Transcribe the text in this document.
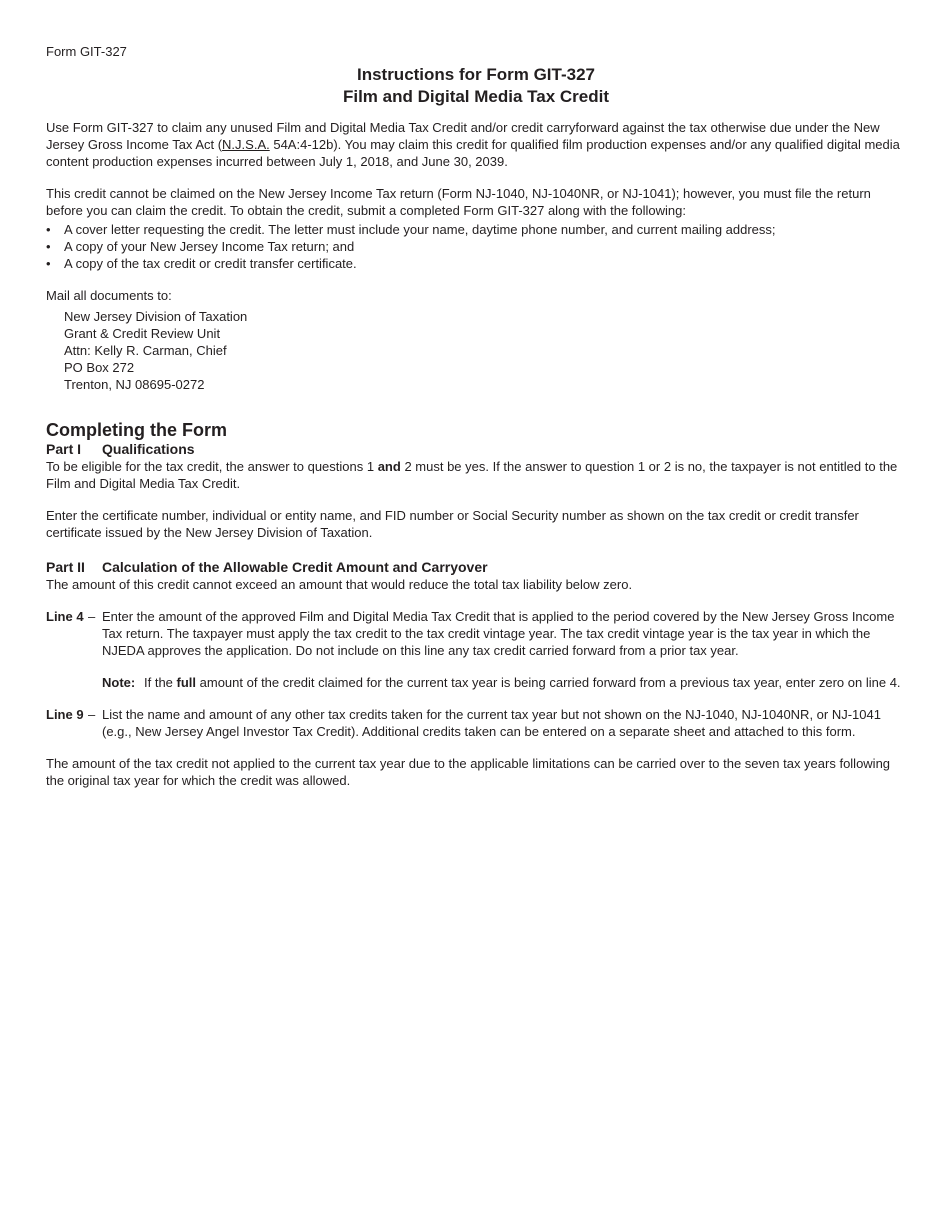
Form GIT-327

Instructions for Form GIT-327
Film and Digital Media Tax Credit

Use Form GIT-327 to claim any unused Film and Digital Media Tax Credit and/or credit carryforward against the tax otherwise due under the New Jersey Gross Income Tax Act (N.J.S.A. 54A:4-12b). You may claim this credit for qualified film production expenses and/or any qualified digital media content production expenses incurred between July 1, 2018, and June 30, 2039.

This credit cannot be claimed on the New Jersey Income Tax return (Form NJ-1040, NJ-1040NR, or NJ-1041); however, you must file the return before you can claim the credit. To obtain the credit, submit a completed Form GIT-327 along with the following:

• A cover letter requesting the credit. The letter must include your name, daytime phone number, and current mailing address;
• A copy of your New Jersey Income Tax return; and
• A copy of the tax credit or credit transfer certificate.

Mail all documents to:

New Jersey Division of Taxation
Grant & Credit Review Unit
Attn: Kelly R. Carman, Chief
PO Box 272
Trenton, NJ 08695-0272
Completing the Form
Part I Qualifications

To be eligible for the tax credit, the answer to questions 1 and 2 must be yes. If the answer to question 1 or 2 is no, the taxpayer is not entitled to the Film and Digital Media Tax Credit.

Enter the certificate number, individual or entity name, and FID number or Social Security number as shown on the tax credit or credit transfer certificate issued by the New Jersey Division of Taxation.

Part II Calculation of the Allowable Credit Amount and Carryover

The amount of this credit cannot exceed an amount that would reduce the total tax liability below zero.

Line 4 – Enter the amount of the approved Film and Digital Media Tax Credit that is applied to the period covered by the New Jersey Gross Income Tax return. The taxpayer must apply the tax credit to the tax credit vintage year. The tax credit vintage year is the tax year in which the NJEDA approves the application. Do not include on this line any tax credit carried forward from a prior tax year.
Note: If the full amount of the credit claimed for the current tax year is being carried forward from a previous tax year, enter zero on line 4.
Line 9 – List the name and amount of any other tax credits taken for the current tax year but not shown on the NJ-1040, NJ-1040NR, or NJ-1041 (e.g., New Jersey Angel Investor Tax Credit). Additional credits taken can be entered on a separate sheet and attached to this form.

The amount of the tax credit not applied to the current tax year due to the applicable limitations can be carried over to the seven tax years following the original tax year for which the credit was allowed.
